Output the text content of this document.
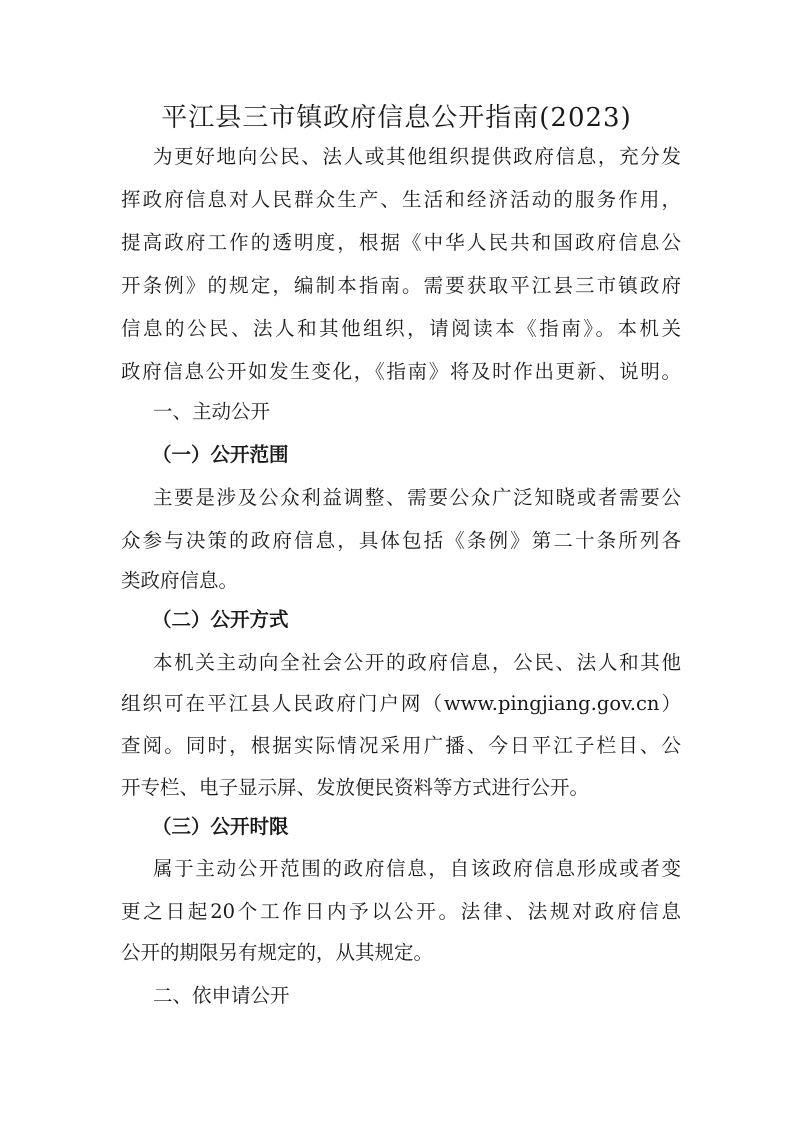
平江县三市镇政府信息公开指南(2023)
为更好地向公民、法人或其他组织提供政府信息，充分发
挥政府信息对人民群众生产、生活和经济活动的服务作用，
提高政府工作的透明度，根据《中华人民共和国政府信息公
开条例》的规定，编制本指南。需要获取平江县三市镇政府
信息的公民、法人和其他组织，请阅读本《指南》。本机关
政府信息公开如发生变化，《指南》将及时作出更新、说明。
一、主动公开
（一）公开范围
主要是涉及公众利益调整、需要公众广泛知晓或者需要公
众参与决策的政府信息，具体包括《条例》第二十条所列各
类政府信息。
（二）公开方式
本机关主动向全社会公开的政府信息，公民、法人和其他
组织可在平江县人民政府门户网（www.pingjiang.gov.cn）
查阅。同时，根据实际情况采用广播、今日平江子栏目、公
开专栏、电子显示屏、发放便民资料等方式进行公开。
（三）公开时限
属于主动公开范围的政府信息，自该政府信息形成或者变
更之日起20个工作日内予以公开。法律、法规对政府信息
公开的期限另有规定的，从其规定。
二、依申请公开
